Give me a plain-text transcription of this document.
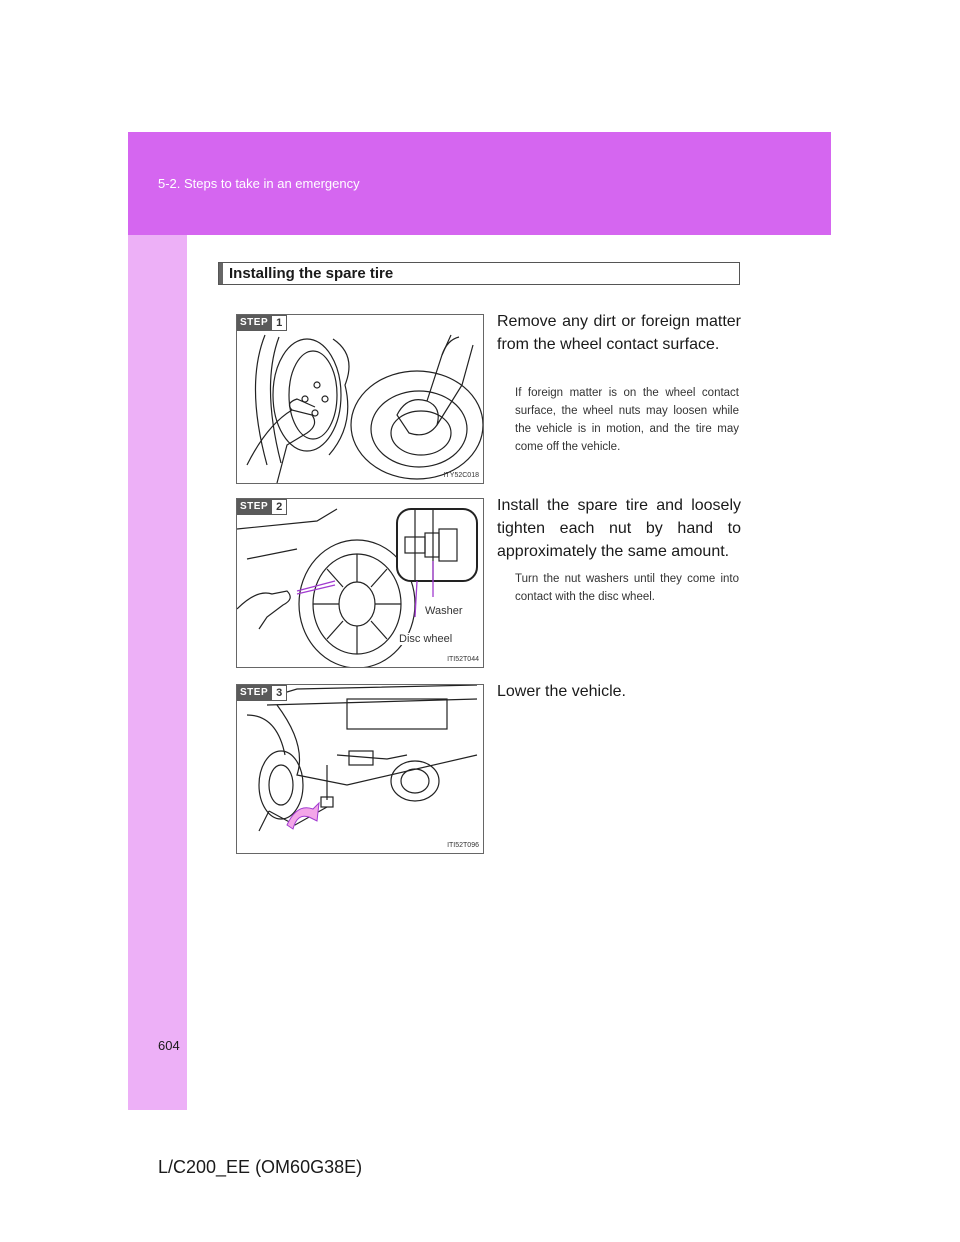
5-2. Steps to take in an emergency
604
L/C200_EE (OM60G38E)
Installing the spare tire
STEP 1
ITY52C018
Remove any dirt or foreign matter from the wheel contact surface.
If foreign matter is on the wheel contact surface, the wheel nuts may loosen while the vehicle is in motion, and the tire may come off the vehicle.
STEP 2
Washer
Disc wheel
ITI52T044
Install the spare tire and loosely tighten each nut by hand to approximately the same amount.
Turn the nut washers until they come into contact with the disc wheel.
STEP 3
ITI52T096
Lower the vehicle.
